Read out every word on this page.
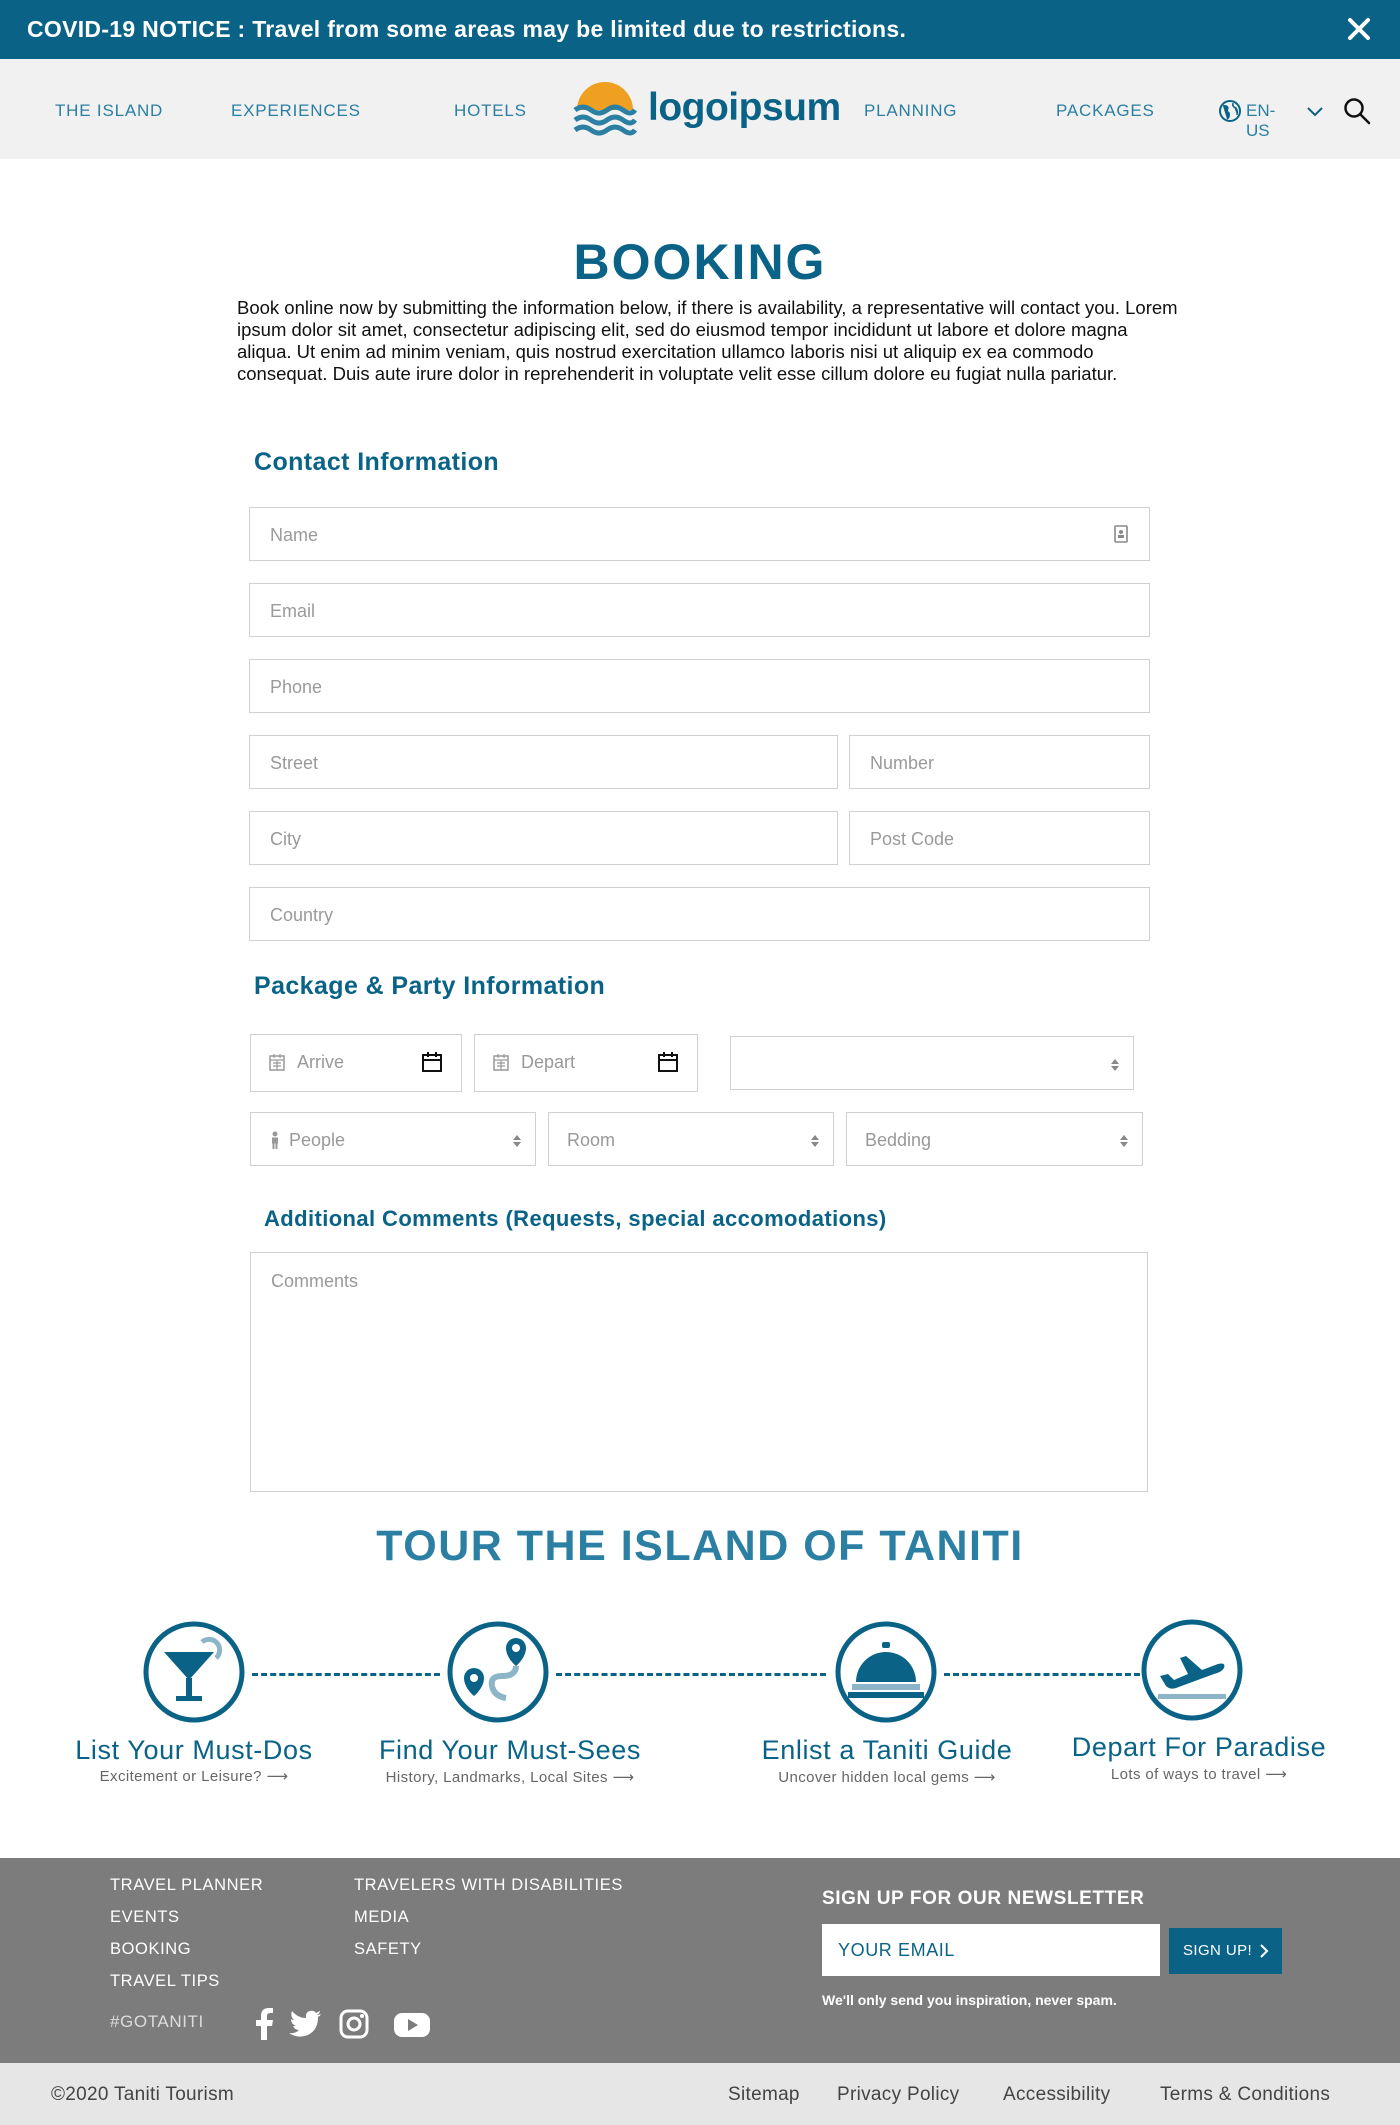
COVID-19 NOTICE : Travel from some areas may be limited due to restrictions.
THE ISLAND	EXPERIENCES	HOTELS	logoipsum PLANNING	PACKAGES	EN-US
BOOKING

Book online now by submitting the information below, if there is availability, a representative will contact you. Lorem ipsum dolor sit amet, consectetur adipiscing elit, sed do eiusmod tempor incididunt ut labore et dolore magna aliqua. Ut enim ad minim veniam, quis nostrud exercitation ullamco laboris nisi ut aliquip ex ea commodo consequat. Duis aute irure dolor in reprehenderit in voluptate velit esse cillum dolore eu fugiat nulla pariatur.

Contact Information
Name
Email
Phone
Street	Number
City	Post Code
Country
Package & Party Information
Arrive	Depart
People	Room	Bedding
Additional Comments (Requests, special accomodations)
Comments
TOUR THE ISLAND OF TANITI
List Your Must-Dos
Excitement or Leisure? ⟶
Find Your Must-Sees
History, Landmarks, Local Sites ⟶
Enlist a Taniti Guide
Uncover hidden local gems ⟶
Depart For Paradise
Lots of ways to travel ⟶
TRAVEL PLANNER
EVENTS
BOOKING
TRAVEL TIPS
TRAVELERS WITH DISABILITIES
MEDIA
SAFETY
#GOTANITI
SIGN UP FOR OUR NEWSLETTER
YOUR EMAIL	SIGN UP!
We'll only send you inspiration, never spam.
©2020 Taniti Tourism	Sitemap Privacy Policy Accessibility	Terms & Conditions
